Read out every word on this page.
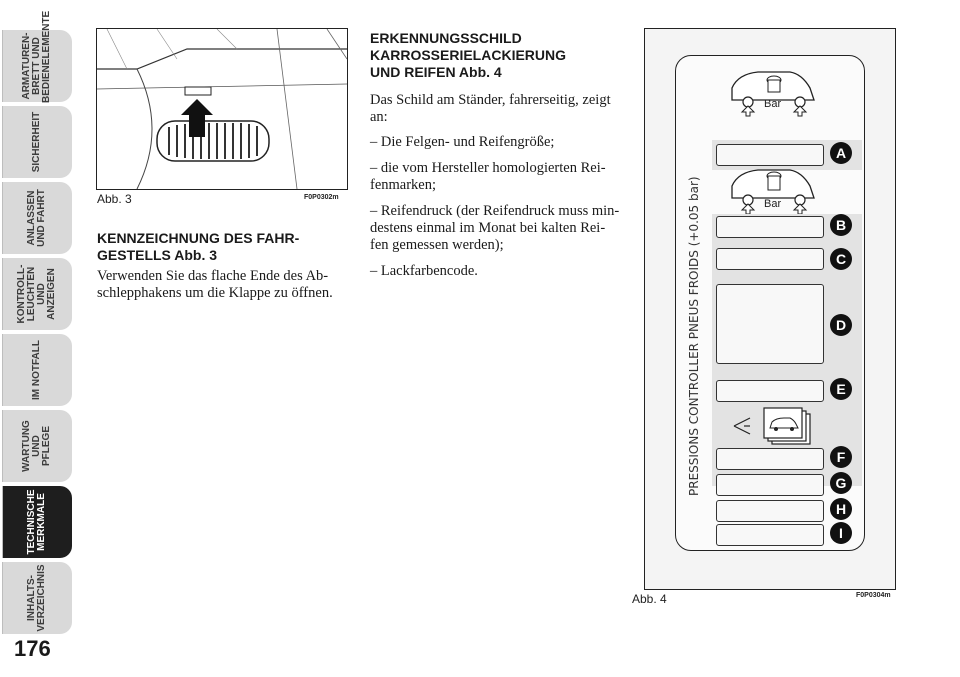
ARMATUREN-
BRETT UND
BEDIENELEMENTE
SICHERHEIT
ANLASSEN
UND FAHRT
KONTROLL-
LEUCHTEN UND
ANZEIGEN
IM NOTFALL
WARTUNG UND
PFLEGE
TECHNISCHE
MERKMALE
INHALTS-
VERZEICHNIS
176
Abb. 3	F0P0302m
KENNZEICHNUNG DES FAHR-
GESTELLS Abb. 3
Verwenden Sie das flache Ende des Ab-
schlepphakens um die Klappe zu öffnen.
ERKENNUNGSSCHILD
KARROSSERIELACKIERUNG
UND REIFEN Abb. 4
Das Schild am Ständer, fahrerseitig, zeigt
an:
– Die Felgen- und Reifengröße;
– die vom Hersteller homologierten Rei-
fenmarken;
– Reifendruck (der Reifendruck muss min-
destens einmal im Monat bei kalten Rei-
fen gemessen werden);
– Lackfarbencode.	PRESSIONS CONTROLLER PNEUS FROIDS (+0.05 bar)
Bar
A
Bar
B
C
D
E
F
G
H
I
Abb. 4	F0P0304m
